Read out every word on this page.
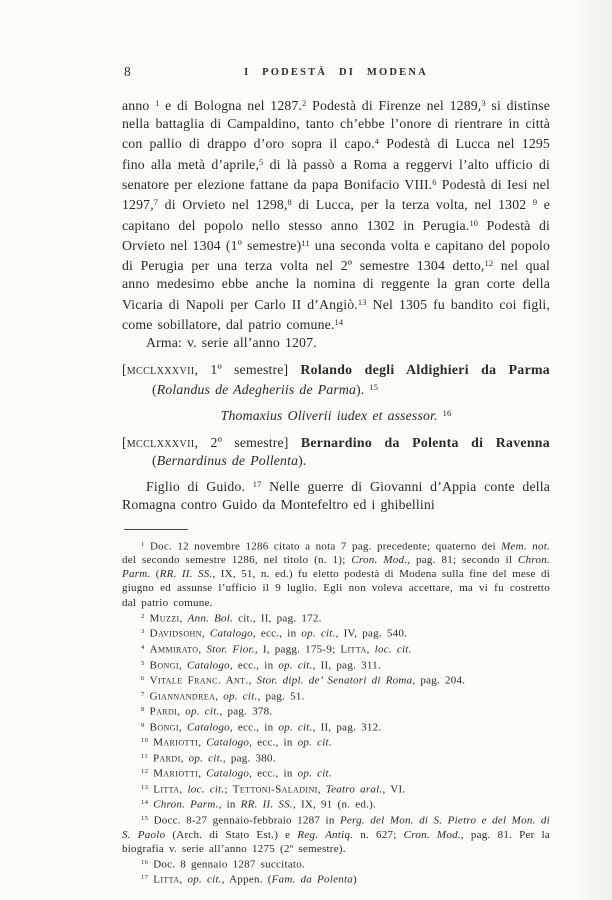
8	I PODESTÀ DI MODENA
anno $^1$ e di Bologna nel 1287.$^2$ Podestà di Firenze nel 1289,$^3$ si distinse nella battaglia di Campaldino, tanto ch’ebbe l’onore di rientrare in città con pallio di drappo d’oro sopra il capo.$^4$ Podestà di Lucca nel 1295 fino alla metà d’aprile,$^5$ di là passò a Roma a reggervi l’alto ufficio di senatore per elezione fattane da papa Bonifacio VIII.$^6$ Podestà di Iesi nel 1297,$^7$ di Orvieto nel 1298,$^8$ di Lucca, per la terza volta, nel 1302 $^9$ e capitano del popolo nello stesso anno 1302 in Perugia.$^{10}$ Podestà di Orvieto nel 1304 (1º semestre)$^{11}$ una seconda volta e capitano del popolo di Perugia per una terza volta nel 2º semestre 1304 detto,$^{12}$ nel qual anno medesimo ebbe anche la nomina di reggente la gran corte della Vicaria di Napoli per Carlo II d’Angiò.$^{13}$ Nel 1305 fu bandito coi figli, come sobillatore, dal patrio comune.$^{14}$
Arma: v. serie all’anno 1207.
[mcclxxxvii, 1º semestre] Rolando degli Aldighieri da Parma (Rolandus de Adegheriis de Parma). $^{15}$
Thomaxius Oliverii iudex et assessor. $^{16}$
[mcclxxxvii, 2º semestre] Bernardino da Polenta di Ravenna (Bernardinus de Pollenta).
Figlio di Guido. $^{17}$ Nelle guerre di Giovanni d’Appia conte della Romagna contro Guido da Montefeltro ed i ghibellini
$^1$ Doc. 12 novembre 1286 citato a nota 7 pag. precedente; quaterno dei Mem. not. del secondo semestre 1286, nel titolo (n. 1); Cron. Mod., pag. 81; secondo il Chron. Parm. (RR. II. SS., IX, 51, n. ed.) fu eletto podestà di Modena sulla fine del mese di giugno ed assunse l’ufficio il 9 luglio. Egli non voleva accettare, ma vi fu costretto dal patrio comune.
$^2$ Muzzi, Ann. Bol. cit., II, pag. 172.
$^3$ Davidsohn, Catalogo, ecc., in op. cit., IV, pag. 540.
$^4$ Ammirato, Stor. Fior., I, pagg. 175-9; Litta, loc. cit.
$^5$ Bongi, Catalogo, ecc., in op. cit., II, pag. 311.
$^6$ Vitale Franc. Ant., Stor. dipl. de’ Senatori di Roma, pag. 204.
$^7$ Giannandrea, op. cit., pag. 51.
$^8$ Pardi, op. cit., pag. 378.
$^9$ Bongi, Catalogo, ecc., in op. cit., II, pag. 312.
$^{10}$ Mariotti, Catalogo, ecc., in op. cit.
$^{11}$ Pardi, op. cit., pag. 380.
$^{12}$ Mariotti, Catalogo, ecc., in op. cit.
$^{13}$ Litta, loc. cit.; Tettoni-Saladini, Teatro aral., VI.
$^{14}$ Chron. Parm., in RR. II. SS., IX, 91 (n. ed.).
$^{15}$ Docc. 8-27 gennaio-febbraio 1287 in Perg. del Mon. di S. Pietro e del Mon. di S. Paolo (Arch. di Stato Est.) e Reg. Antiq. n. 627; Cron. Mod., pag. 81. Per la biografia v. serie all’anno 1275 (2º semestre).
$^{16}$ Doc. 8 gennaio 1287 succitato.
$^{17}$ Litta, op. cit., Appen. (Fam. da Polenta)
